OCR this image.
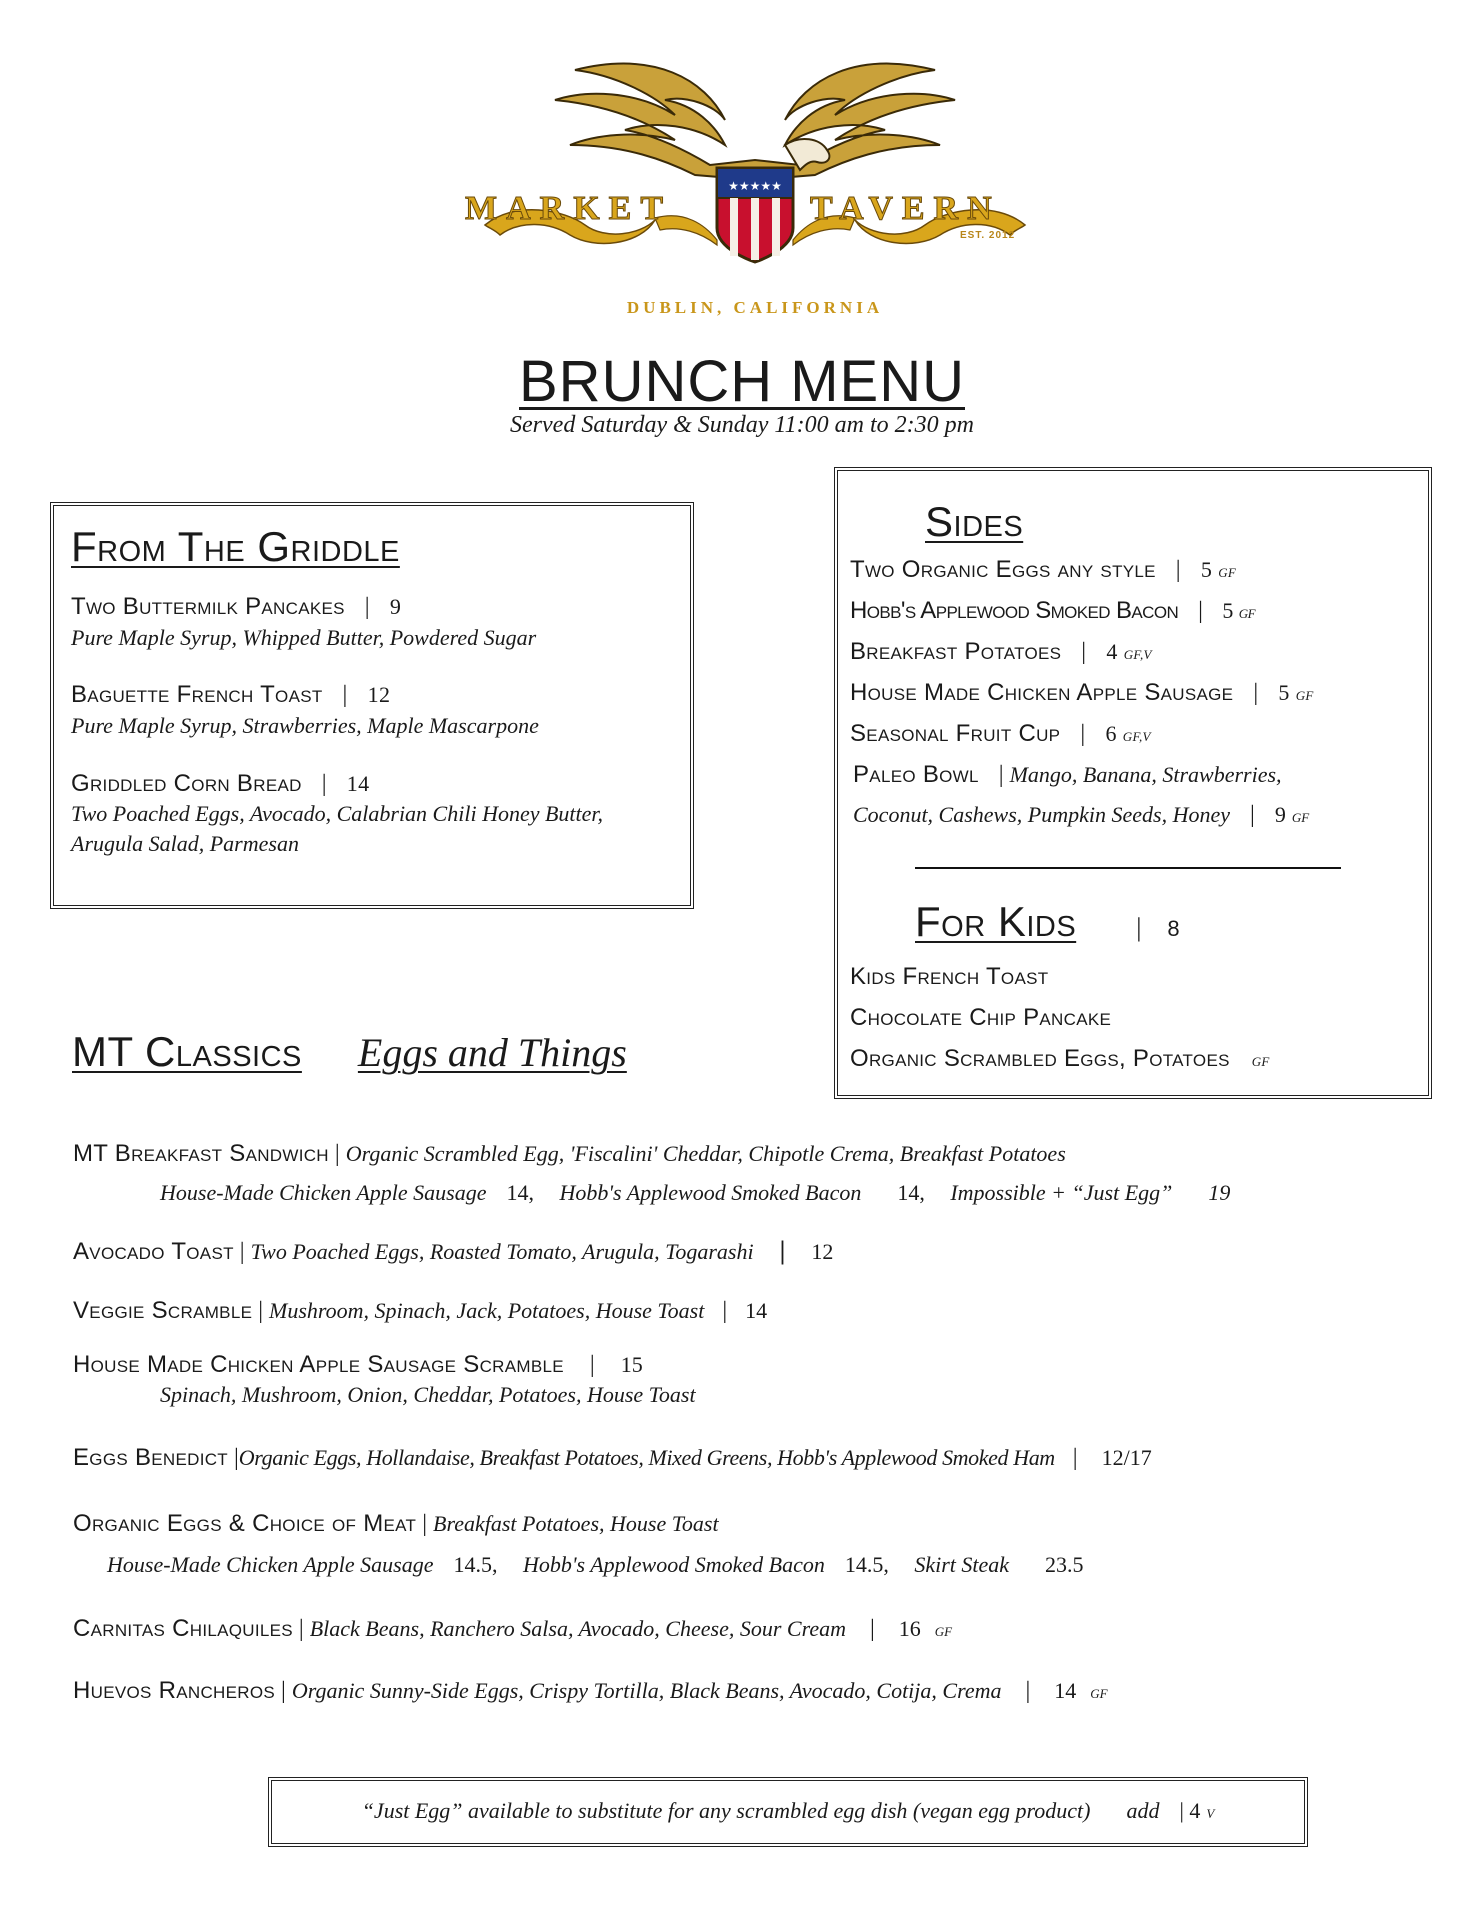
★★★★★
MARKET	TAVERN
EST. 2012
DUBLIN, CALIFORNIA
BRUNCH MENU
Served Saturday & Sunday 11:00 am to 2:30 pm
From The Griddle
Two Buttermilk Pancakes | 9
Pure Maple Syrup, Whipped Butter, Powdered Sugar
Baguette French Toast | 12
Pure Maple Syrup, Strawberries, Maple Mascarpone
Griddled Corn Bread | 14
Two Poached Eggs, Avocado, Calabrian Chili Honey Butter,
Arugula Salad, Parmesan
Sides
Two Organic Eggs any style | 5 GF
Hobb's Applewood Smoked Bacon | 5 GF
Breakfast Potatoes | 4 GF,V
House Made Chicken Apple Sausage | 5 GF
Seasonal Fruit Cup | 6 GF,V
Paleo Bowl | Mango, Banana, Strawberries,
Coconut, Cashews, Pumpkin Seeds, Honey | 9 GF
For Kids | 8
Kids French Toast
Chocolate Chip Pancake
Organic Scrambled Eggs, Potatoes GF
MT Classics Eggs and Things
MT Breakfast Sandwich | Organic Scrambled Egg, 'Fiscalini' Cheddar, Chipotle Crema, Breakfast Potatoes
House-Made Chicken Apple Sausage 14, Hobb's Applewood Smoked Bacon 14, Impossible + “Just Egg” 19
Avocado Toast | Two Poached Eggs, Roasted Tomato, Arugula, Togarashi | 12
Veggie Scramble | Mushroom, Spinach, Jack, Potatoes, House Toast   |   14
House Made Chicken Apple Sausage Scramble | 15
Spinach, Mushroom, Onion, Cheddar, Potatoes, House Toast
Eggs Benedict |Organic Eggs, Hollandaise, Breakfast Potatoes, Mixed Greens, Hobb's Applewood Smoked Ham   |    12/17
Organic Eggs & Choice of Meat | Breakfast Potatoes, House Toast
House-Made Chicken Apple Sausage 14.5, Hobb's Applewood Smoked Bacon 14.5, Skirt Steak 23.5
Carnitas Chilaquiles | Black Beans, Ranchero Salsa, Avocado, Cheese, Sour Cream    |    16 GF
Huevos Rancheros | Organic Sunny-Side Eggs, Crispy Tortilla, Black Beans, Avocado, Cotija, Crema    |    14 GF
“Just Egg” available to substitute for any scrambled egg dish (vegan egg product) add | 4 V
